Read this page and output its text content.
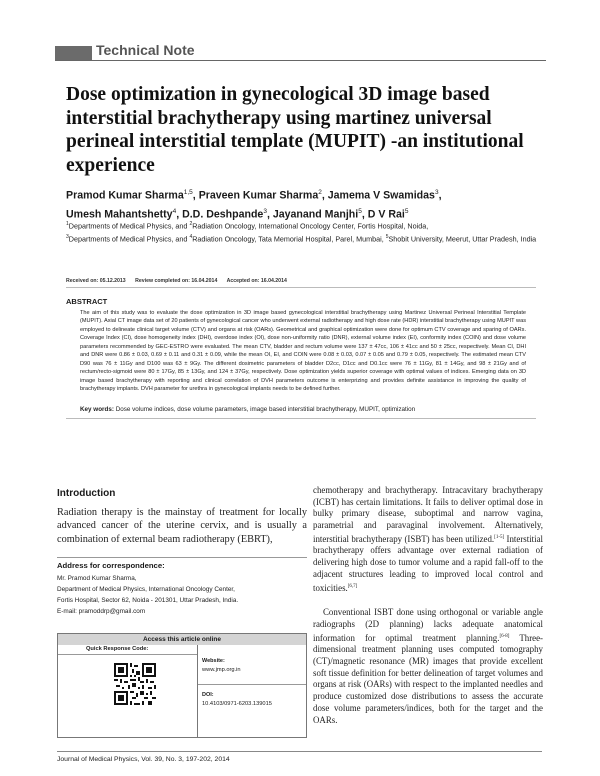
Technical Note
Dose optimization in gynecological 3D image based interstitial brachytherapy using martinez universal perineal interstitial template (MUPIT) -an institutional experience
Pramod Kumar Sharma$^{1,5}$, Praveen Kumar Sharma$^2$, Jamema V Swamidas$^3$,
Umesh Mahantshetty$^4$, D.D. Deshpande$^3$, Jayanand Manjhi$^5$, D V Rai$^5$
$^1$Departments of Medical Physics, and $^2$Radiation Oncology, International Oncology Center, Fortis Hospital, Noida,
$^3$Departments of Medical Physics, and $^4$Radiation Oncology, Tata Memorial Hospital, Parel, Mumbai, $^5$Shobit University, Meerut, Uttar Pradesh, India
Received on: 05.12.2013 Review completed on: 16.04.2014 Accepted on: 16.04.2014
ABSTRACT
The aim of this study was to evaluate the dose optimization in 3D image based gynecological interstitial brachytherapy using Martinez Universal Perineal Interstitial Template (MUPIT). Axial CT image data set of 20 patients of gynecological cancer who underwent external radiotherapy and high dose rate (HDR) interstitial brachytherapy using MUPIT was employed to delineate clinical target volume (CTV) and organs at risk (OARs). Geometrical and graphical optimization were done for optimum CTV coverage and sparing of OARs. Coverage Index (CI), dose homogeneity index (DHI), overdose index (OI), dose non-uniformity ratio (DNR), external volume index (EI), conformity index (COIN) and dose volume parameters recommended by GEC-ESTRO were evaluated. The mean CTV, bladder and rectum volume were 137 ± 47cc, 106 ± 41cc and 50 ± 25cc, respectively. Mean CI, DHI and DNR were 0.86 ± 0.03, 0.69 ± 0.11 and 0.31 ± 0.09, while the mean OI, EI, and COIN were 0.08 ± 0.03, 0.07 ± 0.05 and 0.79 ± 0.05, respectively. The estimated mean CTV D90 was 76 ± 11Gy and D100 was 63 ± 9Gy. The different dosimetric parameters of bladder D2cc, D1cc and D0.1cc were 76 ± 11Gy, 81 ± 14Gy, and 98 ± 21Gy and of rectum/recto-sigmoid were 80 ± 17Gy, 85 ± 13Gy, and 124 ± 37Gy, respectively. Dose optimization yields superior coverage with optimal values of indices. Emerging data on 3D image based brachytherapy with reporting and clinical correlation of DVH parameters outcome is enterprizing and provides definite assistance in improving the quality of brachytherapy implants. DVH parameter for urethra in gynecological implants needs to be defined further.
Key words: Dose volume indices, dose volume parameters, image based interstitial brachytherapy, MUPIT, optimization
Introduction
Radiation therapy is the mainstay of treatment for locally advanced cancer of the uterine cervix, and is usually a combination of external beam radiotherapy (EBRT),

chemotherapy and brachytherapy. Intracavitary brachytherapy (ICBT) has certain limitations. It fails to deliver optimal dose in bulky primary disease, suboptimal and narrow vagina, parametrial and paravaginal involvement. Alternatively, interstitial brachytherapy (ISBT) has been utilized.[1-5] Interstitial brachytherapy offers advantage over external radiation of delivering high dose to tumor volume and a rapid fall-off to the adjacent structures leading to improved local control and toxicities.[6,7]

Conventional ISBT done using orthogonal or variable angle radiographs (2D planning) lacks adequate anatomical information for optimal treatment planning.[6-8] Three-dimensional treatment planning uses computed tomography (CT)/magnetic resonance (MR) images that provide excellent soft tissue definition for better delineation of target volumes and organs at risk (OARs) with respect to the implanted needles and produce customized dose distributions to assess the accurate dose volume parameters/indices, both for the target and the OARs.

Address for correspondence:
Mr. Pramod Kumar Sharma,
Department of Medical Physics, International Oncology Center,
Fortis Hospital, Sector 62, Noida - 201301, Uttar Pradesh, India.
E-mail: pramoddrp@gmail.com
Access this article online
Quick Response Code:
Website:
www.jmp.org.in
DOI:
10.4103/0971-6203.139015
Journal of Medical Physics, Vol. 39, No. 3, 197-202, 2014
